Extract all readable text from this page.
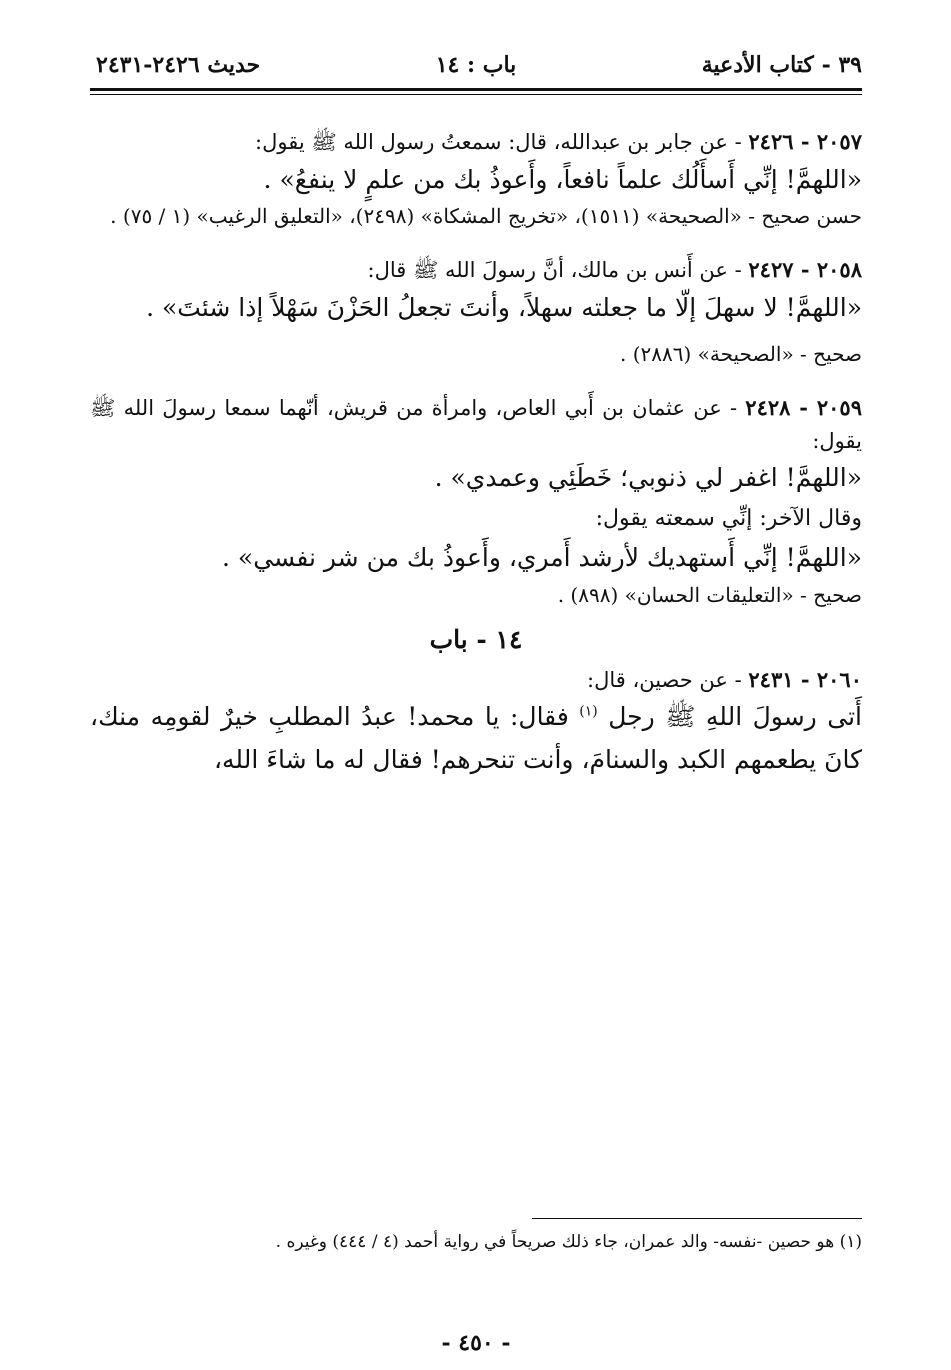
٣٩ - كتاب الأدعية
باب : ١٤
حديث ٢٤٢٦-٢٤٣١

٢٠٥٧ - ٢٤٢٦ - عن جابر بن عبدالله، قال: سمعتُ رسول الله ﷺ يقول:

«اللهمَّ! إنِّي أَسأَلُك علماً نافعاً، وأَعوذُ بك من علمٍ لا ينفعُ» .

حسن صحيح - «الصحيحة» (١٥١١)، «تخريج المشكاة» (٢٤٩٨)، «التعليق الرغيب» (١ / ٧٥) .

٢٠٥٨ - ٢٤٢٧ - عن أَنس بن مالك، أنَّ رسولَ الله ﷺ قال:

«اللهمَّ! لا سهلَ إلّا ما جعلته سهلاً، وأنتَ تجعلُ الحَزْنَ سَهْلاً إذا شئتَ» .

صحيح - «الصحيحة» (٢٨٨٦) .

٢٠٥٩ - ٢٤٢٨ - عن عثمان بن أَبي العاص، وامرأة من قريش، أنّهما سمعا رسولَ الله ﷺ يقول:

«اللهمَّ! اغفر لي ذنوبي؛ خَطَئِي وعمدي» .

وقال الآخر: إنِّي سمعته يقول:

«اللهمَّ! إنِّي أَستهديك لأرشد أَمري، وأَعوذُ بك من شر نفسي» .

صحيح - «التعليقات الحسان» (٨٩٨) .

١٤ - باب

٢٠٦٠ - ٢٤٣١ - عن حصين، قال:

أَتى رسولَ اللهِ ﷺ رجل $^{(١)}$ فقال: يا محمد! عبدُ المطلبِ خيرٌ لقومِه منك، كانَ يطعمهم الكبد والسنامَ، وأنت تنحرهم! فقال له ما شاءَ الله،

(١) هو حصين -نفسه- والد عمران، جاء ذلك صريحاً في رواية أحمد (٤ / ٤٤٤) وغيره .
- ٤٥٠ -
